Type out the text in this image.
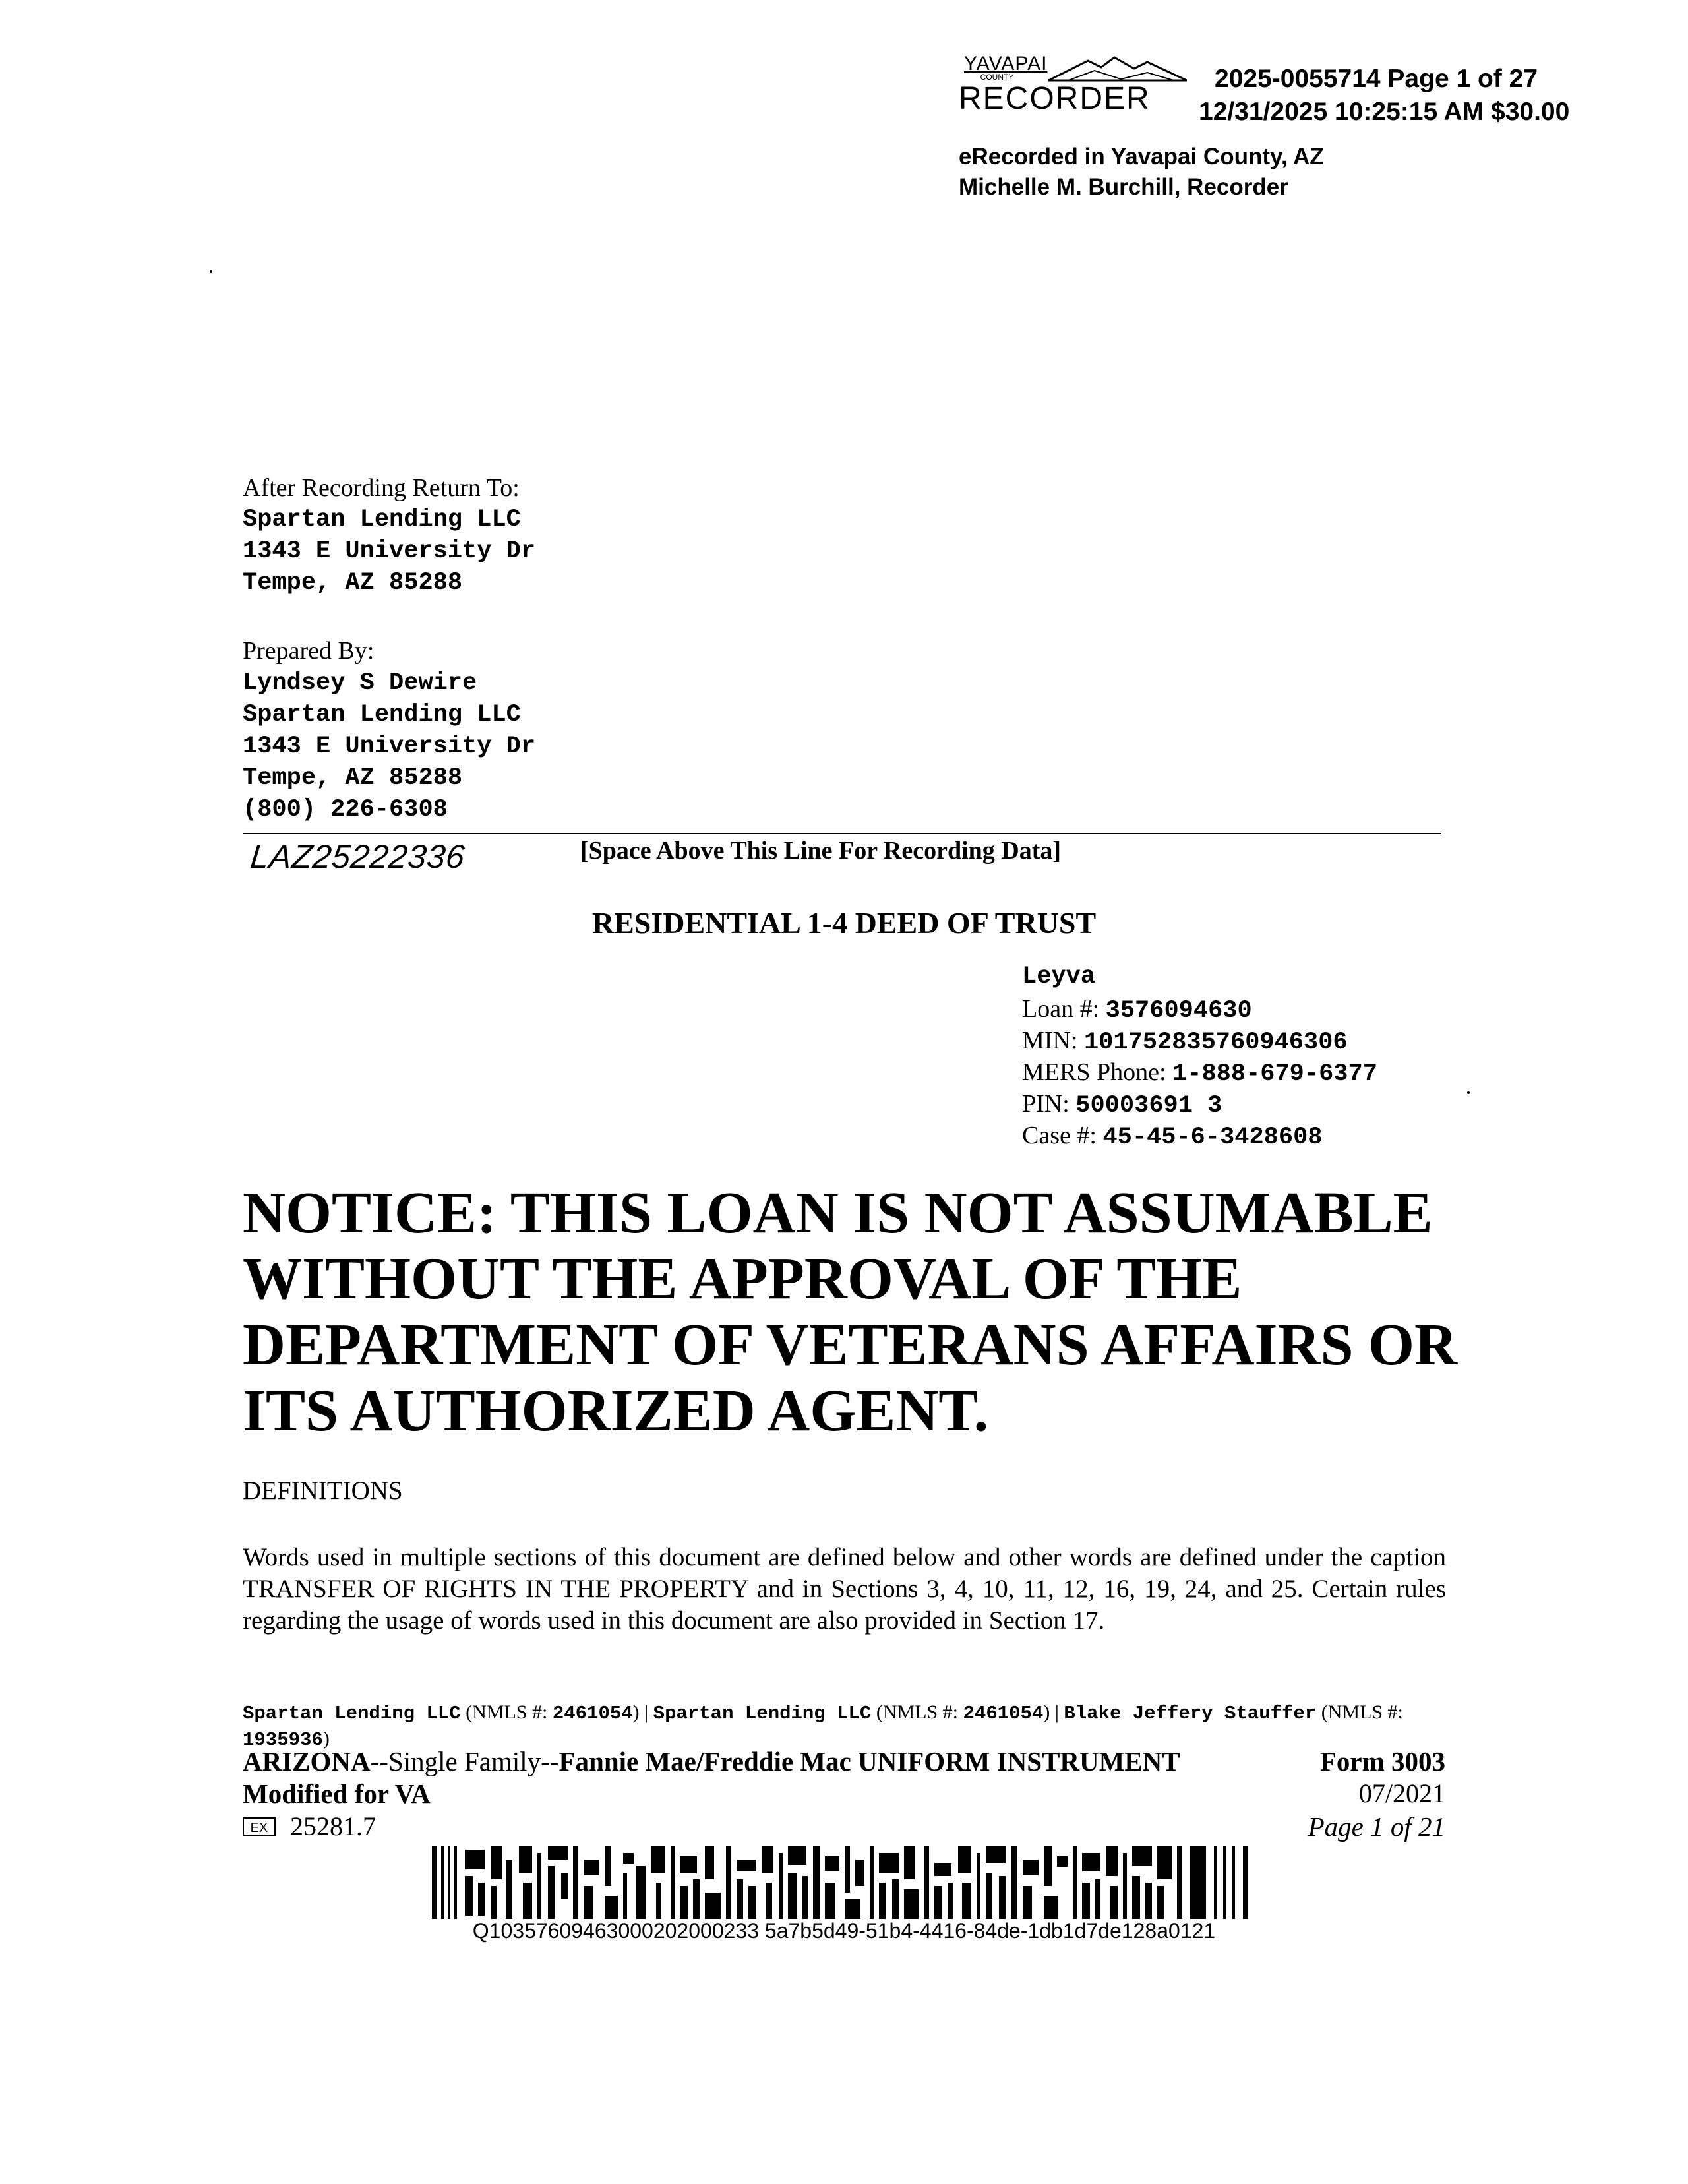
YAVAPAI
COUNTY
RECORDER
2025-0055714 Page 1 of 27
12/31/2025 10:25:15 AM $30.00
eRecorded in Yavapai County, AZ
Michelle M. Burchill, Recorder
After Recording Return To:
Spartan Lending LLC
1343 E University Dr
Tempe, AZ 85288
Prepared By:
Lyndsey S Dewire
Spartan Lending LLC
1343 E University Dr
Tempe, AZ 85288
(800) 226-6308
LAZ25222336	[Space Above This Line For Recording Data]
RESIDENTIAL 1-4 DEED OF TRUST
Leyva
Loan #: 3576094630
MIN: 101752835760946306
MERS Phone: 1-888-679-6377
PIN: 50003691 3
Case #: 45-45-6-3428608
NOTICE: THIS LOAN IS NOT ASSUMABLE
WITHOUT THE APPROVAL OF THE
DEPARTMENT OF VETERANS AFFAIRS OR
ITS AUTHORIZED AGENT.
DEFINITIONS
Words used in multiple sections of this document are defined below and other words are defined under the caption TRANSFER OF RIGHTS IN THE PROPERTY and in Sections 3, 4, 10, 11, 12, 16, 19, 24, and 25. Certain rules regarding the usage of words used in this document are also provided in Section 17.
Spartan Lending LLC (NMLS #: 2461054) | Spartan Lending LLC (NMLS #: 2461054) | Blake Jeffery Stauffer (NMLS #: 1935936)
ARIZONA--Single Family--Fannie Mae/Freddie Mac UNIFORM INSTRUMENT
Modified for VA
EX 25281.7
Form 3003
07/2021
Page 1 of 21
Q10357609463000202000233 5a7b5d49-51b4-4416-84de-1db1d7de128a0121
